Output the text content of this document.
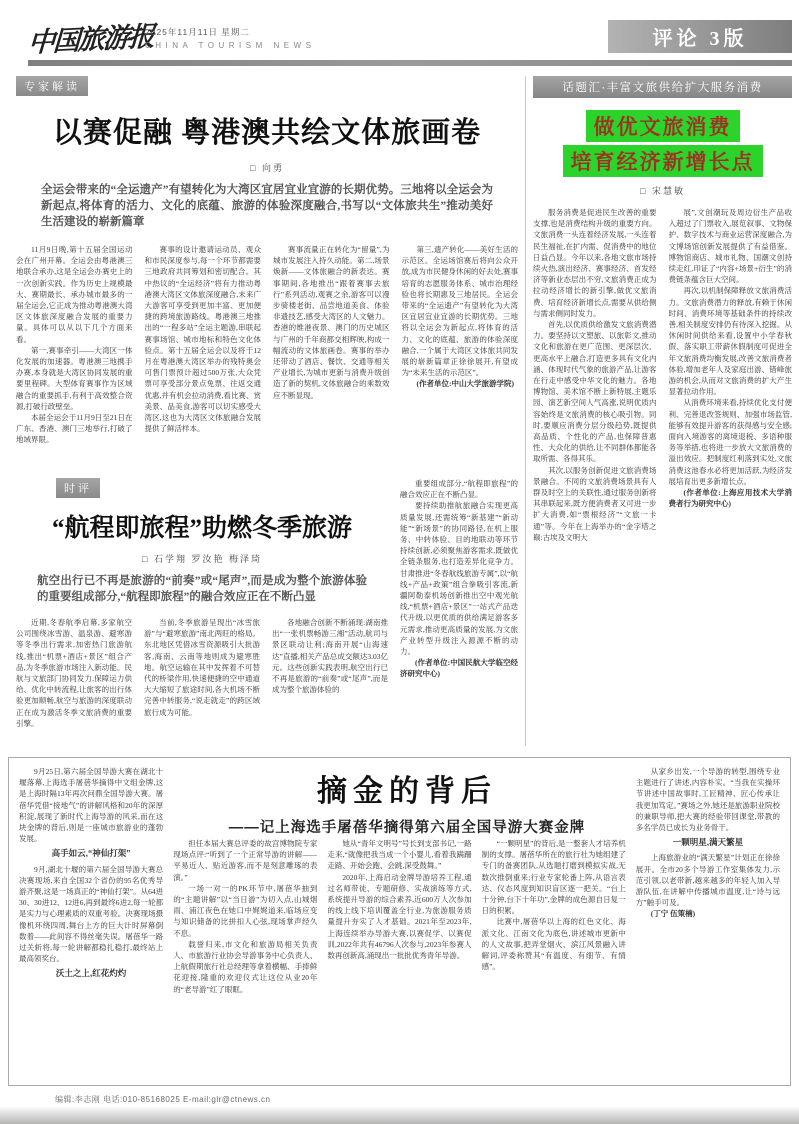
中国旅游报
2025年11月11日 星期二
CHINA TOURISM NEWS	评论 3版
专家解读
以赛促融 粤港澳共绘文体旅画卷
□ 向勇
全运会带来的“全运遗产”有望转化为大湾区宜居宜业宜游的长期优势。三地将以全运会为新起点,将体育的活力、文化的底蕴、旅游的体验深度融合,书写以“文体旅共生”推动美好生活建设的崭新篇章

11月9日晚,第十五届全国运动会在广州开幕。全运会由粤港澳三地联合承办,这是全运会办赛史上的一次创新实践。作为历史上规模最大、赛期最长、承办城市最多的一届全运会,它正成为推动粤港澳大湾区文体旅深度融合发展的重要力量。具体可以从以下几个方面来看。

第一,赛事牵引——大湾区一体化发展的加速器。粤港澳三地携手办赛,本身就是大湾区协同发展的重要里程碑。大型体育赛事作为区域融合的重要抓手,有利于高效整合资源,打破行政壁垒。

本届全运会于11月9日至21日在广东、香港、澳门三地举行,打破了地域界限。

赛事的设计邀请运动员、观众和市民深度参与,每一个环节都需要三地政府共同筹划和密切配合。其中热议的“全运经济”将有力推动粤港澳大湾区文体旅深度融合,未来广大游客可享受到更加丰富、更加便捷的跨境旅游路线。粤港澳三地推出的“一程多站”全运主题游,串联起赛事场馆、城市地标和特色文化体验点。第十五届全运会以及将于12月在粤港澳大湾区举办的残特奥会可售门票预计超过500万张,大众凭票可享受部分景点免票、往返交通优惠,并有机会拉动消费,看比赛、赏美景、品美食,游客可以切实感受大湾区,这也为大湾区文体旅融合发展提供了鲜活样本。

赛事流量正在转化为“留量”,为城市发展注入持久动能。第二,场景焕新——文体旅融合的新表达。赛事期间,各地推出“跟着赛事去旅行”系列活动,观赛之余,游客可以漫步骑楼老街、品尝地道美食、体验非遗技艺,感受大湾区的人文魅力。香港的维港夜景、澳门的历史城区与广州的千年商都交相辉映,构成一幅流动的文体旅画卷。赛事的举办还带动了酒店、餐饮、交通等相关产业增长,为城市更新与消费升级创造了新的契机,文体旅融合的乘数效应不断显现。

第三,遗产转化——美好生活的示范区。全运场馆赛后将向公众开放,成为市民健身休闲的好去处,赛事培育的志愿服务体系、城市治理经验也将长期惠及三地居民。全运会带来的“全运遗产”有望转化为大湾区宜居宜业宜游的长期优势。三地将以全运会为新起点,将体育的活力、文化的底蕴、旅游的体验深度融合,一个属于大湾区文体旅共同发展的崭新篇章正徐徐展开,有望成为“未来生活的示范区”。

(作者单位:中山大学旅游学院)

时评
“航程即旅程”助燃冬季旅游
□ 石学翔 罗汝艳 梅泽琦
航空出行已不再是旅游的“前奏”或“尾声”,而是成为整个旅游体验的重要组成部分,“航程即旅程”的融合效应正在不断凸显

近期,冬春航季启幕,多家航空公司围绕冰雪游、温泉游、避寒游等冬季出行需求,加密热门旅游航线,推出“机票+酒店+景区”组合产品,为冬季旅游市场注入新动能。民航与文旅部门协同发力,保障运力供给、优化中转流程,让旅客的出行体验更加顺畅,航空与旅游的深度联动正在成为激活冬季文旅消费的重要引擎。

当前,冬季旅游呈现出“冰雪旅游”与“避寒旅游”南北两旺的格局。东北地区凭借冰雪资源吸引大批游客,海南、云南等地则成为避寒胜地。航空运输在其中发挥着不可替代的桥梁作用,快速便捷的空中通道大大缩短了旅途时间,各大机场不断完善中转服务,“说走就走”的跨区域旅行成为可能。

各地融合创新不断涌现:湖南推出“一张机票畅游三湘”活动,航司与景区联动让利;海南开展“山海速达”直播,相关产品总成交额达3.03亿元。这些创新实践表明,航空出行已不再是旅游的“前奏”或“尾声”,而是成为整个旅游体验的

重要组成部分,“航程即旅程”的融合效应正在不断凸显。

要持续助推航旅融合实现更高质量发展,还需统筹“新基建”“新动能”“新场景”的协同路径,在机上服务、中转体验、目的地联动等环节持续创新,必须聚焦游客需求,既做优全链条服务,也打造差异化竞争力。甘肃推进“冬春航线旅游专属”,以“航线+产品+政策”组合拳吸引客流,新疆阿勒泰机场创新推出空中观光航线,“机票+酒店+景区”一站式产品迭代升级,以更优质的供给满足游客多元需求,推动更高质量的发展,为文旅产业转型升级注入源源不断的动力。

(作者单位:中国民航大学临空经济研究中心)

话题汇·丰富文旅供给扩大服务消费
做优文旅消费
培育经济新增长点
□ 宋慧敏

服务消费是促进民生改善的重要支撑,也是消费结构升级的重要方向。文旅消费一头连着经济发展,一头连着民生福祉,在扩内需、促消费中的地位日益凸显。今年以来,各地文旅市场持续火热,演出经济、赛事经济、首发经济等新业态层出不穷,文旅消费正成为拉动经济增长的新引擎,做优文旅消费、培育经济新增长点,需要从供给侧与需求侧同时发力。

首先,以优质供给激发文旅消费潜力。要坚持以文塑旅、以旅彰文,推动文化和旅游在更广范围、更深层次、更高水平上融合,打造更多具有文化内涵、体现时代气象的旅游产品,让游客在行走中感受中华文化的魅力。各地博物馆、美术馆不断上新特展,主题乐园、演艺新空间人气高涨,说明优质内容始终是文旅消费的核心吸引物。同时,要顺应消费分层分级趋势,既提供高品质、个性化的产品,也保障普惠性、大众化的供给,让不同群体都能各取所需、各得其乐。

其次,以服务创新促进文旅消费场景融合。不同的文旅消费场景具有人群及时空上的关联性,通过服务创新将其串联起来,既方便消费者又可进一步扩大消费,如“票根经济”“文旅一卡通”等。今年在上海举办的“金字塔之巅:古埃及文明大

展”,文创潮玩及周边衍生产品收入超过了门票收入,展览叙事、文物保护、数字技术与商业运营深度融合,为文博场馆创新发展提供了有益借鉴。博物馆商店、城市礼物、国潮文创持续走红,印证了“内容+场景+衍生”的消费链条蕴含巨大空间。

再次,以机制保障释放文旅消费活力。文旅消费潜力的释放,有赖于休闲时间、消费环境等基础条件的持续改善,相关制度安排仍有待深入挖掘。从休闲时间供给来看,设置中小学春秋假、落实职工带薪休假制度可促进全年文旅消费均衡发展,改善文旅消费者体验,增加老年人及家庭出游、错峰旅游的机会,从而对文旅消费的扩大产生显著拉动作用。

从消费环境来看,持续优化支付便利、完善退改签规则、加强市场监管,能够有效提升游客的获得感与安全感;面向入境游客的离境退税、多语种服务等举措,也将进一步放大文旅消费的溢出效应。把制度红利落到实处,文旅消费这池春水必将更加活跃,为经济发展培育出更多新增长点。

(作者单位:上海应用技术大学消费者行为研究中心)

摘金的背后
——记上海选手屠蓓华摘得第六届全国导游大赛金牌

9月25日,第六届全国导游大赛在湖北十堰落幕,上海选手屠蓓华摘得中文组金牌,这是上海时隔13年再次问鼎全国导游大赛。屠蓓华凭借“接地气”的讲解风格和20年的深厚积淀,展现了新时代上海导游的风采,而在这块金牌的背后,则是一座城市旅游业的蓬勃发展。

高手如云,“神仙打架”

9月,湖北十堰的第六届全国导游大赛总决赛现场,来自全国32个省份的95名优秀导游齐聚,这是一场真正的“神仙打架”。从64进30、30进12、12进6,再到最终6进2,每一轮都是实力与心理素质的双重考验。决赛现场摄像机环绕四周,舞台上方的巨大计时屏幕倒数着——此间容不得丝毫失误。屠蓓华一路过关斩将,每一轮讲解都稳扎稳打,最终站上最高领奖台。

沃土之上,红花灼灼

担任本届大赛总评委的故宫博物院专家现场点评:“听到了一个正常导游的讲解——平易近人、贴近游客,而不是刻意雕琢的表演。”

一场一对一的PK环节中,屠蓓华抽到的“主题讲解”以“当日游”为切入点,山城烟雨、浦江夜色在她口中娓娓道来,临场应变与知识储备的比拼扣人心弦,现场掌声经久不息。

载誉归来,市文化和旅游局相关负责人、市旅游行业协会导游事务中心负责人、上航假期旅行社总经理等拿着横幅、手捧鲜花迎接,隆重的欢迎仪式让这位从业20年的“老导游”红了眼眶。

她从“青年文明号”号长到支部书记,一路走来,“就像把我当成一个小婴儿,看着我蹒跚走路、开始会跑、会跳,深受鼓舞。”

2020年,上海启动金牌导游培养工程,通过名师带徒、专题研修、实战演练等方式,系统提升导游的综合素养,近600万人次参加的线上线下培训覆盖全行业,为旅游服务质量提升夯实了人才基础。2021年至2023年,上海连续举办导游大赛,以赛促学、以赛促训,2022年共有46796人次参与,2023年参赛人数再创新高,涌现出一批批优秀青年导游。

“一颗明星”的背后,是一整套人才培养机制的支撑。屠蓓华所在的旅行社为她组建了专门的备赛团队,从选题打磨到模拟实战,无数次推倒重来;行业专家轮番上阵,从语言表达、仪态风度到知识盲区逐一把关。“台上十分钟,台下十年功”,金牌的成色源自日复一日的积累。

比赛中,屠蓓华以上海的红色文化、海派文化、江南文化为底色,讲述城市更新中的人文故事,把弄堂烟火、滨江风景融入讲解词,评委称赞其“有温度、有细节、有情感”。

从家乡出发,一个导游的转型,围绕专业主题进行了讲述,内容朴实。“当我在实操环节讲述中国故事时,工匠精神、匠心传承让我更加笃定。”赛场之外,她还是旅游职业院校的兼职导师,把大赛的经验带回课堂,带教的多名学员已成长为业务骨干。

一颗明星,满天繁星

上海旅游业的“满天繁星”计划正在徐徐展开。全市20多个导游工作室集体发力,示范引领,以老带新,越来越多的年轻人加入导游队伍,在讲解中传播城市温度,让“诗与远方”触手可及。

(丁宁 伍策楠)

编辑:李志刚 电话:010-85168025 E-mail:glr@ctnews.cn
